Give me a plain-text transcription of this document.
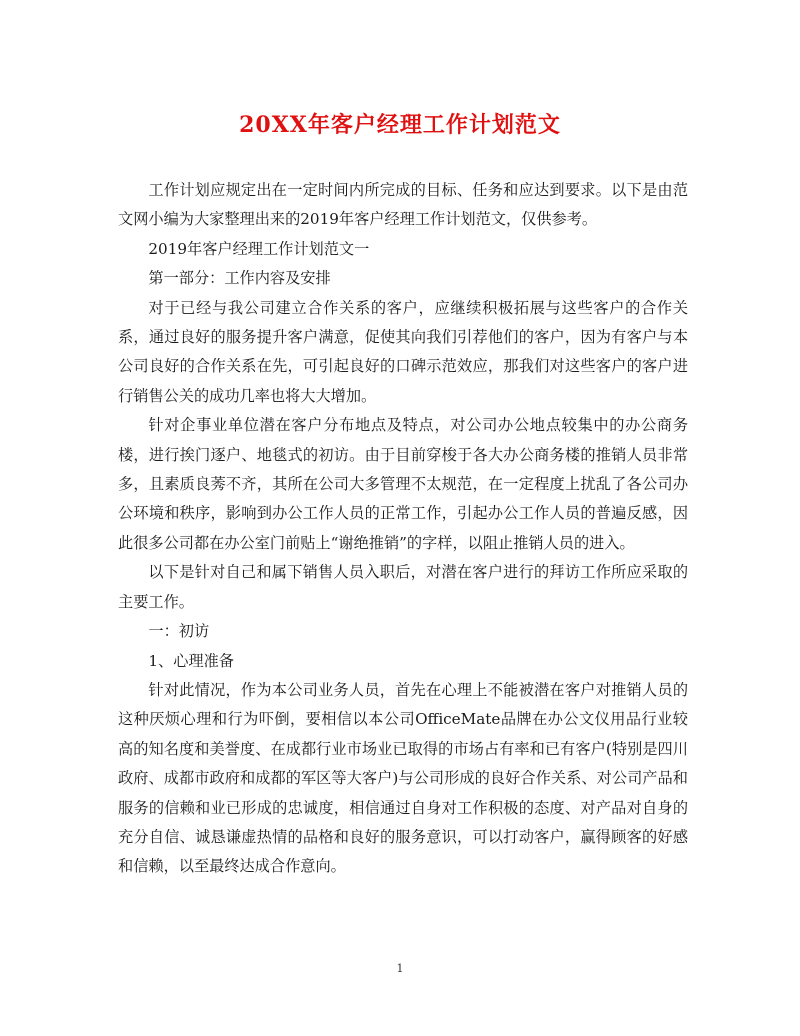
20XX年客户经理工作计划范文

工作计划应规定出在一定时间内所完成的目标、任务和应达到要求。以下是由范文网小编为大家整理出来的2019年客户经理工作计划范文，仅供参考。

2019年客户经理工作计划范文一

第一部分：工作内容及安排

对于已经与我公司建立合作关系的客户，应继续积极拓展与这些客户的合作关系，通过良好的服务提升客户满意，促使其向我们引荐他们的客户，因为有客户与本公司良好的合作关系在先，可引起良好的口碑示范效应，那我们对这些客户的客户进行销售公关的成功几率也将大大增加。

针对企事业单位潜在客户分布地点及特点，对公司办公地点较集中的办公商务楼，进行挨门逐户、地毯式的初访。由于目前穿梭于各大办公商务楼的推销人员非常多，且素质良莠不齐，其所在公司大多管理不太规范，在一定程度上扰乱了各公司办公环境和秩序，影响到办公工作人员的正常工作，引起办公工作人员的普遍反感，因此很多公司都在办公室门前贴上“谢绝推销”的字样，以阻止推销人员的进入。

以下是针对自己和属下销售人员入职后，对潜在客户进行的拜访工作所应采取的主要工作。

一：初访

1、心理准备

针对此情况，作为本公司业务人员，首先在心理上不能被潜在客户对推销人员的这种厌烦心理和行为吓倒，要相信以本公司OfficeMate品牌在办公文仪用品行业较高的知名度和美誉度、在成都行业市场业已取得的市场占有率和已有客户(特别是四川政府、成都市政府和成都的军区等大客户)与公司形成的良好合作关系、对公司产品和服务的信赖和业已形成的忠诚度，相信通过自身对工作积极的态度、对产品对自身的充分自信、诚恳谦虚热情的品格和良好的服务意识，可以打动客户，赢得顾客的好感和信赖，以至最终达成合作意向。

1
